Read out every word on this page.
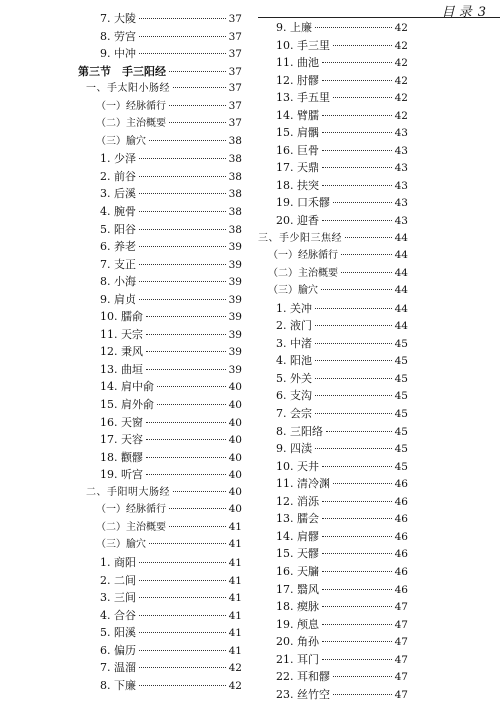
目 录 3
7. 大陵	37
8. 劳宫	37
9. 中冲	37
第三节　手三阳经	37
一、手太阳小肠经	37
（一）经脉循行	37
（二）主治概要	37
（三）腧穴	38
1. 少泽	38
2. 前谷	38
3. 后溪	38
4. 腕骨	38
5. 阳谷	38
6. 养老	39
7. 支正	39
8. 小海	39
9. 肩贞	39
10. 臑俞	39
11. 天宗	39
12. 秉风	39
13. 曲垣	39
14. 肩中俞	40
15. 肩外俞	40
16. 天窗	40
17. 天容	40
18. 颧髎	40
19. 听宫	40
二、手阳明大肠经	40
（一）经脉循行	40
（二）主治概要	41
（三）腧穴	41
1. 商阳	41
2. 二间	41
3. 三间	41
4. 合谷	41
5. 阳溪	41
6. 偏历	41
7. 温溜	42
8. 下廉	42
9. 上廉	42
10. 手三里	42
11. 曲池	42
12. 肘髎	42
13. 手五里	42
14. 臂臑	42
15. 肩髃	43
16. 巨骨	43
17. 天鼎	43
18. 扶突	43
19. 口禾髎	43
20. 迎香	43
三、手少阳三焦经	44
（一）经脉循行	44
（二）主治概要	44
（三）腧穴	44
1. 关冲	44
2. 液门	44
3. 中渚	45
4. 阳池	45
5. 外关	45
6. 支沟	45
7. 会宗	45
8. 三阳络	45
9. 四渎	45
10. 天井	45
11. 清冷渊	46
12. 消泺	46
13. 臑会	46
14. 肩髎	46
15. 天髎	46
16. 天牖	46
17. 翳风	46
18. 瘈脉	47
19. 颅息	47
20. 角孙	47
21. 耳门	47
22. 耳和髎	47
23. 丝竹空	47
